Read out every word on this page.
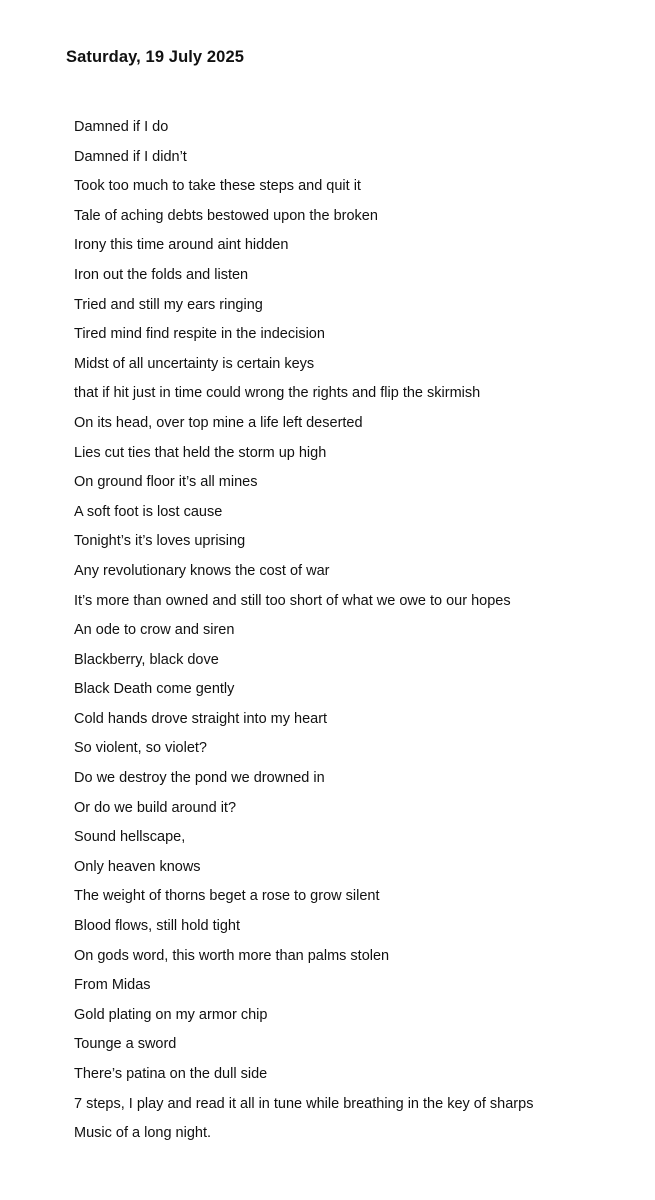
Saturday, 19 July 2025
Damned if I do
Damned if I didn’t
Took too much to take these steps and quit it
Tale of aching debts bestowed upon the broken
Irony this time around aint hidden
Iron out the folds and listen
Tried and still my ears ringing
Tired mind find respite in the indecision
Midst of all uncertainty is certain keys
that if hit just in time could wrong the rights and flip the skirmish
On its head, over top mine a life left deserted
Lies cut ties that held the storm up high
On ground floor it’s all mines
A soft foot is lost cause
Tonight’s it’s loves uprising
Any revolutionary knows the cost of war
It’s more than owned and still too short of what we owe to our hopes
An ode to crow and siren
Blackberry, black dove
Black Death come gently
Cold hands drove straight into my heart
So violent, so violet?
Do we destroy the pond we drowned in
Or do we build around it?
Sound hellscape,
Only heaven knows
The weight of thorns beget a rose to grow silent
Blood flows, still hold tight
On gods word, this worth more than palms stolen
From Midas
Gold plating on my armor chip
Tounge a sword
There’s patina on the dull side
7 steps, I play and read it all in tune while breathing in the key of sharps
Music of a long night.
